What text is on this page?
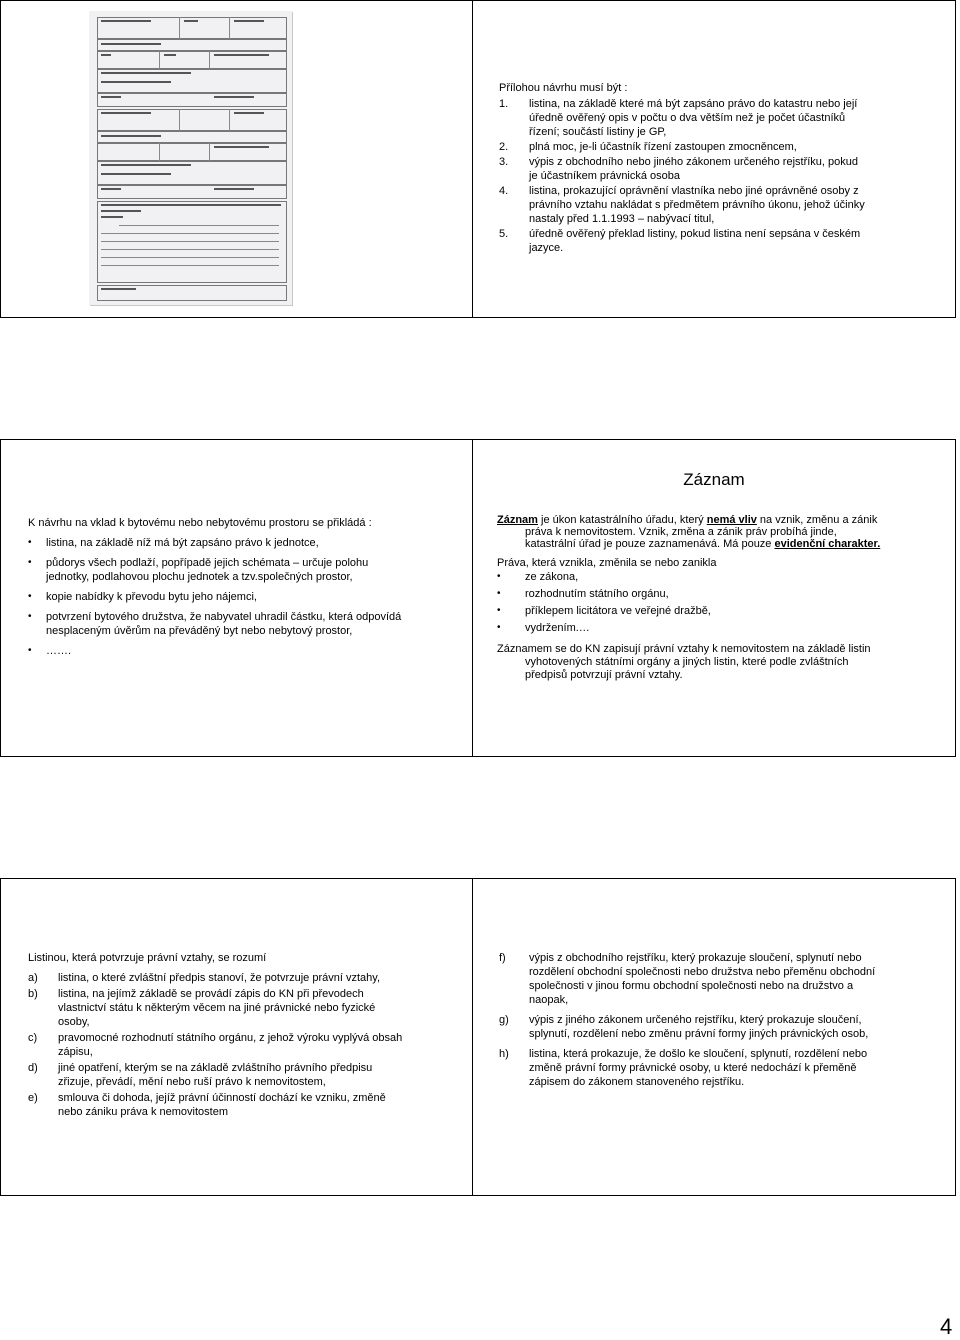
Přílohou návrhu musí být :
1. listina, na základě které má být zapsáno právo do katastru nebo její úředně ověřený opis v počtu o dva větším než je počet účastníků řízení; součástí listiny je GP,
2. plná moc, je-li účastník řízení zastoupen zmocněncem,
3. výpis z obchodního nebo jiného zákonem určeného rejstříku, pokud je účastníkem právnická osoba
4. listina, prokazující oprávnění vlastníka nebo jiné oprávněné osoby z právního vztahu nakládat s předmětem právního úkonu, jehož účinky nastaly před 1.1.1993 – nabývací titul,
5. úředně ověřený překlad listiny, pokud listina není sepsána v českém jazyce.
K návrhu na vklad k bytovému nebo nebytovému prostoru se přikládá :
• listina, na základě níž má být zapsáno právo k jednotce,
• půdorys všech podlaží, popřípadě jejich schémata – určuje polohu jednotky, podlahovou plochu jednotek a tzv.společných prostor,
• kopie nabídky k převodu bytu jeho nájemci,
• potvrzení bytového družstva, že nabyvatel uhradil částku, která odpovídá nesplaceným úvěrům na převáděný byt nebo nebytový prostor,
• …….
Záznam

Záznam je úkon katastrálního úřadu, který nemá vliv na vznik, změnu a zánik práva k nemovitostem. Vznik, změna a zánik práv probíhá jinde, katastrální úřad je pouze zaznamenává. Má pouze evidenční charakter.

Práva, která vznikla, změnila se nebo zanikla

• ze zákona,
• rozhodnutím státního orgánu,
• příklepem licitátora ve veřejné dražbě,
• vydržením.…

Záznamem se do KN zapisují právní vztahy k nemovitostem na základě listin vyhotovených státními orgány a jiných listin, které podle zvláštních předpisů potvrzují právní vztahy.

Listinou, která potvrzuje právní vztahy, se rozumí
a) listina, o které zvláštní předpis stanoví, že potvrzuje právní vztahy,
b) listina, na jejímž základě se provádí zápis do KN při převodech vlastnictví státu k některým věcem na jiné právnické nebo fyzické osoby,
c) pravomocné rozhodnutí státního orgánu, z jehož výroku vyplývá obsah zápisu,
d) jiné opatření, kterým se na základě zvláštního právního předpisu zřizuje, převádí, mění nebo ruší právo k nemovitostem,
e) smlouva či dohoda, jejíž právní účinností dochází ke vzniku, změně nebo zániku práva k nemovitostem
f) výpis z obchodního rejstříku, který prokazuje sloučení, splynutí nebo rozdělení obchodní společnosti nebo družstva nebo přeměnu obchodní společnosti v jinou formu obchodní společnosti nebo na družstvo a naopak,
g) výpis z jiného zákonem určeného rejstříku, který prokazuje sloučení, splynutí, rozdělení nebo změnu právní formy jiných právnických osob,
h) listina, která prokazuje, že došlo ke sloučení, splynutí, rozdělení nebo změně právní formy právnické osoby, u které nedochází k přeměně zápisem do zákonem stanoveného rejstříku.
4
